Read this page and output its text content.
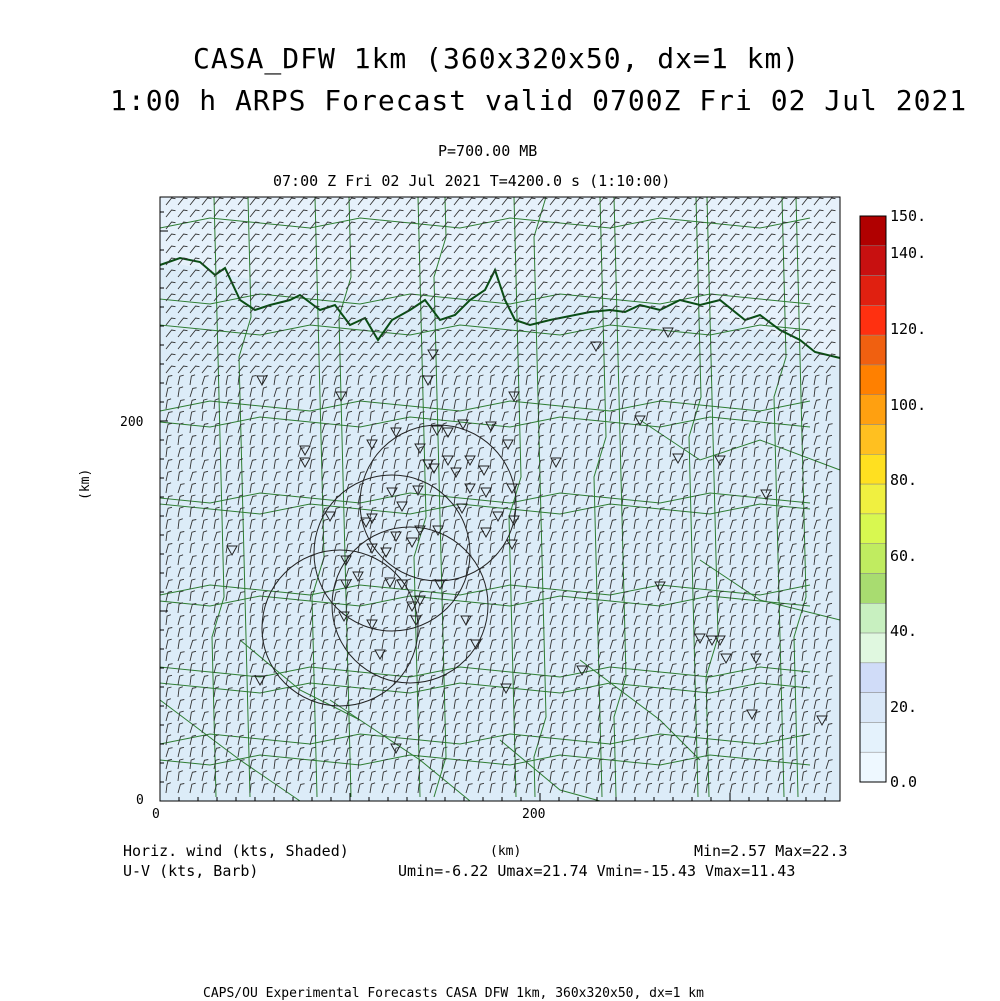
CASA_DFW 1km (360x320x50, dx=1 km)
1:00 h ARPS Forecast valid 0700Z Fri 02 Jul 2021
P=700.00 MB
07:00 Z Fri 02 Jul 2021 T=4200.0 s (1:10:00)
(km)
(km)
0	200
0
200
150.
140.
120.
100.
80.
60.
40.
20.
0.0
Horiz. wind (kts, Shaded)
U-V (kts, Barb)
Min=2.57 Max=22.3
Umin=-6.22 Umax=21.74 Vmin=-15.43 Vmax=11.43
CAPS/OU Experimental Forecasts CASA DFW 1km, 360x320x50, dx=1 km
